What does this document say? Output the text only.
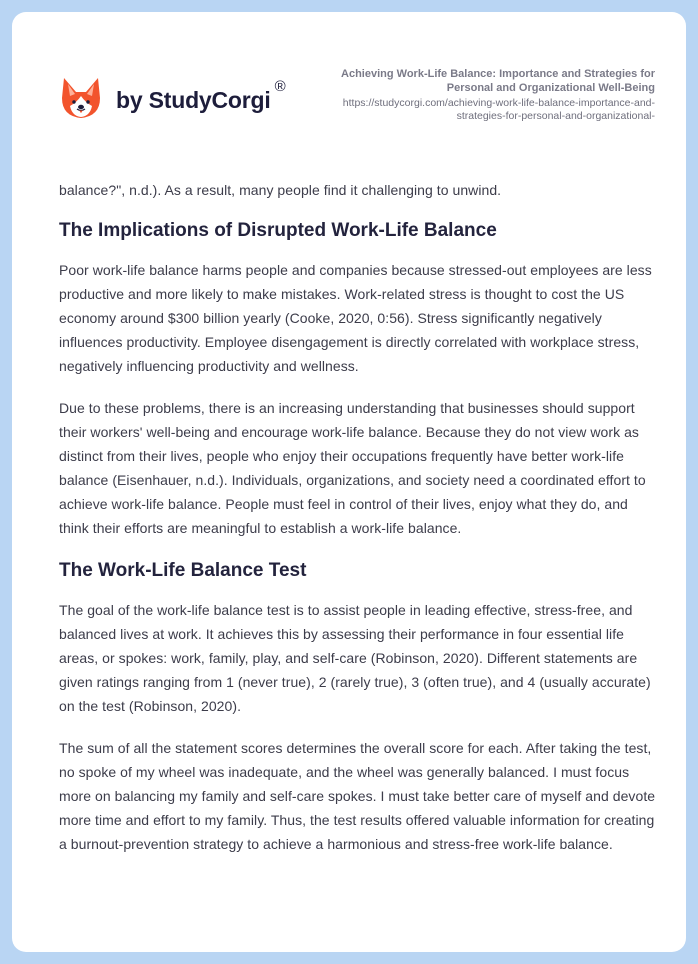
by StudyCorgi
®
Achieving Work-Life Balance: Importance and Strategies for Personal and Organizational Well-Being
https://studycorgi.com/achieving-work-life-balance-importance-and-strategies-for-personal-and-organizational-

balance?", n.d.). As a result, many people find it challenging to unwind.

The Implications of Disrupted Work-Life Balance

Poor work-life balance harms people and companies because stressed-out employees are less productive and more likely to make mistakes. Work-related stress is thought to cost the US economy around $300 billion yearly (Cooke, 2020, 0:56). Stress significantly negatively influences productivity. Employee disengagement is directly correlated with workplace stress, negatively influencing productivity and wellness.

Due to these problems, there is an increasing understanding that businesses should support their workers' well-being and encourage work-life balance. Because they do not view work as distinct from their lives, people who enjoy their occupations frequently have better work-life balance (Eisenhauer, n.d.). Individuals, organizations, and society need a coordinated effort to achieve work-life balance. People must feel in control of their lives, enjoy what they do, and think their efforts are meaningful to establish a work-life balance.

The Work-Life Balance Test

The goal of the work-life balance test is to assist people in leading effective, stress-free, and balanced lives at work. It achieves this by assessing their performance in four essential life areas, or spokes: work, family, play, and self-care (Robinson, 2020). Different statements are given ratings ranging from 1 (never true), 2 (rarely true), 3 (often true), and 4 (usually accurate) on the test (Robinson, 2020).

The sum of all the statement scores determines the overall score for each. After taking the test, no spoke of my wheel was inadequate, and the wheel was generally balanced. I must focus more on balancing my family and self-care spokes. I must take better care of myself and devote more time and effort to my family. Thus, the test results offered valuable information for creating a burnout-prevention strategy to achieve a harmonious and stress-free work-life balance.
